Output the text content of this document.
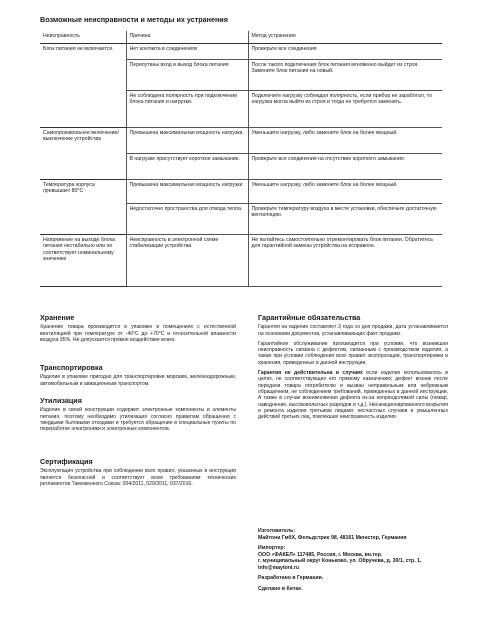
Возможные неисправности и методы их устранения
Неисправность	Причина	Метод устранения
Блок питания не включается.	Нет контакта в соединениях	Проверьте все соединения
	Перепутаны вход и выход блока питания	После такого подключения блок питания мгновенно выйдет из строя. Замените блок питания на новый.
	Не соблюдена полярность при подключении блока питания и нагрузки.	Подключите нагрузку соблюдая полярность, если прибор не заработал, то нагрузка могла выйти из строя и тогда ее требуется заменить.
Самопроизвольное включение/выключение устройства	Превышена максимальная мощность нагрузки.	Уменьшите нагрузку, либо замените блок на более мощный.
	В нагрузке присутствует короткое замыкание.	Проверьте все соединения на отсутствие короткого замыкания.
Температура корпуса превышает 80°С	Превышена максимальная мощность нагрузки	Уменьшите нагрузку, либо замените блок на более мощный.
	Недостаточно пространства для отвода тепла.	Проверьте температуру воздуха в месте установки, обеспечьте достаточную вентиляцию.
Напряжение на выходе блока питания нестабильно или не соответствует номинальному значению	Неисправность в электронной схеме стабилизации устройства	Не пытайтесь самостоятельно отремонтировать блок питания. Обратитесь для гарантийной замены устройства на исправное.
Хранение

Хранение товара производится в упаковке в помещениях с естественной вентиляцией при температуре от -40°С до +70°С и относительной влажности воздуха 95%. Не допускается прямое воздействие влаги.

Транспортировка

Изделие в упаковке пригодно для транспортировки морским, железнодорожным, автомобильным и авиационным транспортом.

Утилизация

Изделие в своей конструкции содержит электронные компоненты и элементы питания, поэтому необходимо утилизация согласно правилам обращения с твердыми бытовыми отходами и требуется обращение в специальные пункты по переработке электроники и электронных компонентов.

Сертификация

Эксплуатация устройства при соблюдении всех правил, указанных в инструкции является безопасной и соответствует всем требованиям технических регламентов Таможенного Союза: 004/2011, 020/2011, 037/2016.

Гарантийные обязательства

Гарантия на изделие составляет 3 года со дня продажи, дата устанавливается на основании документов, устанавливающих факт продажи.

Гарантийное обслуживание производится при условии, что возникшая неисправность связана с дефектом, связанным с производством изделия, а также при условии соблюдения всех правил эксплуатации, транспортировки и хранения, приведенных в данной инструкции.

Гарантия не действительна в случаях если изделие использовалось в целях, не соответствующих его прямому назначению; дефект возник после передачи товара потребителю и вызван неправильным или небрежным обращением, не соблюдением требований, приведенных в данной инструкции. А также в случае возникновения дефекта из-за непреодолимой силы (пожар, наводнение, высоковольтных разрядов и т.д.). Несанкционированного вскрытия и ремонта изделия третьими лицами; несчастных случаев и умышленных действий третьих лиц, повлекших неисправность изделия.

Изготовитель:
Майтони ГмбХ, Фельдстрие 98, 48161 Мюнстер, Германия

Импортер:
ООО «ФАКЕЛ» 117485, Россия, г. Москва, вн.тер.
г. муниципальный округ Коньково, ул. Обручева, д. 30/1, стр. 1,
info@maytoni.ru

Разработано в Германии.

Сделано в Китае.
